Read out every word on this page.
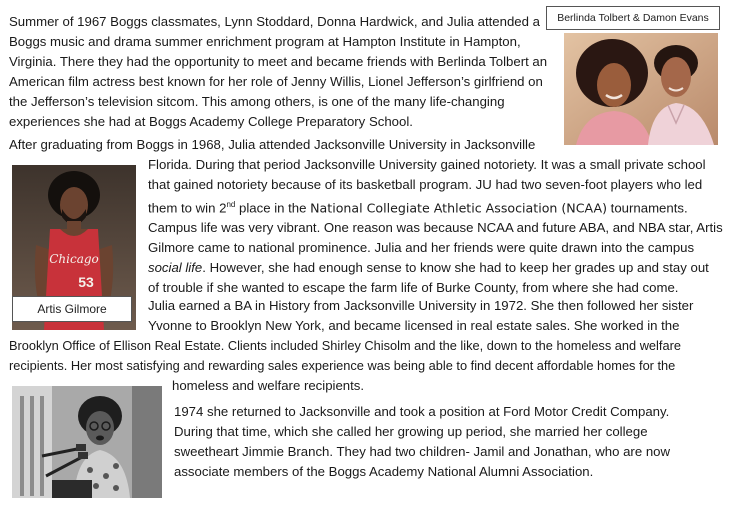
Summer of 1967 Boggs classmates, Lynn Stoddard, Donna Hardwick, and Julia attended a
Boggs music and drama summer enrichment program at Hampton Institute in Hampton,
Virginia. There they had the opportunity to meet and became friends with Berlinda Tolbert an
American film actress best known for her role of Jenny Willis, Lionel Jefferson’s girlfriend on
the Jefferson’s television sitcom. This among others, is one of the many life-changing
experiences she had at Boggs Academy College Preparatory School.
Berlinda Tolbert & Damon Evans
After graduating from Boggs in 1968, Julia attended Jacksonville University in Jacksonville
Florida. During that period Jacksonville University gained notoriety. It was a small private school
that gained notoriety because of its basketball program. JU had two seven-foot players who led
them to win 2nd place in the National Collegiate Athletic Association (NCAA) tournaments.
Campus life was very vibrant. One reason was because NCAA and future ABA, and NBA star, Artis
Gilmore came to national prominence. Julia and her friends were quite drawn into the campus
social life. However, she had enough sense to know she had to keep her grades up and stay out
of trouble if she wanted to escape the farm life of Burke County, from where she had come.
Chicago
53
Artis Gilmore	Julia earned a BA in History from Jacksonville University in 1972. She then followed her sister
Yvonne to Brooklyn New York, and became licensed in real estate sales. She worked in the
Brooklyn Office of Ellison Real Estate. Clients included Shirley Chisolm and the like, down to the homeless and welfare
recipients. Her most satisfying and rewarding sales experience was being able to find decent affordable homes for the
homeless and welfare recipients.
1974 she returned to Jacksonville and took a position at Ford Motor Credit Company.
During that time, which she called her growing up period, she married her college
sweetheart Jimmie Branch. They had two children- Jamil and Jonathan, who are now
associate members of the Boggs Academy National Alumni Association.
